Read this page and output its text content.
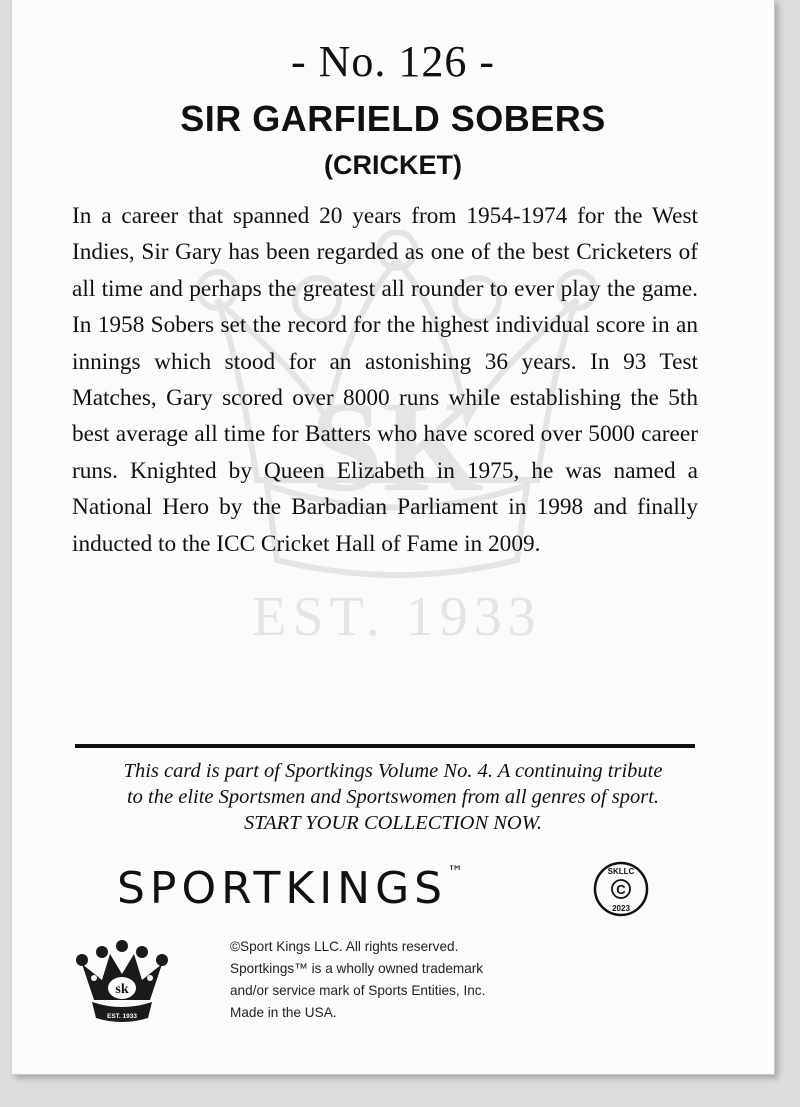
SK
EST. 1933
- No. 126 -
SIR GARFIELD SOBERS
(CRICKET)

In a career that spanned 20 years from 1954-1974 for the West Indies, Sir Gary has been regarded as one of the best Cricketers of all time and perhaps the greatest all rounder to ever play the game. In 1958 Sobers set the record for the highest individual score in an innings which stood for an astonishing 36 years. In 93 Test Matches, Gary scored over 8000 runs while establishing the 5th best average all time for Batters who have scored over 5000 career runs. Knighted by Queen Elizabeth in 1975, he was named a National Hero by the Barbadian Parliament in 1998 and finally inducted to the ICC Cricket Hall of Fame in 2009.

This card is part of Sportkings Volume No. 4. A continuing tribute
to the elite Sportsmen and Sportswomen from all genres of sport.
START YOUR COLLECTION NOW.
SPORTKINGS™
C
SKLLC
2023
sk
EST. 1933
©Sport Kings LLC. All rights reserved.
Sportkings™ is a wholly owned trademark
and/or service mark of Sports Entities, Inc.
Made in the USA.
